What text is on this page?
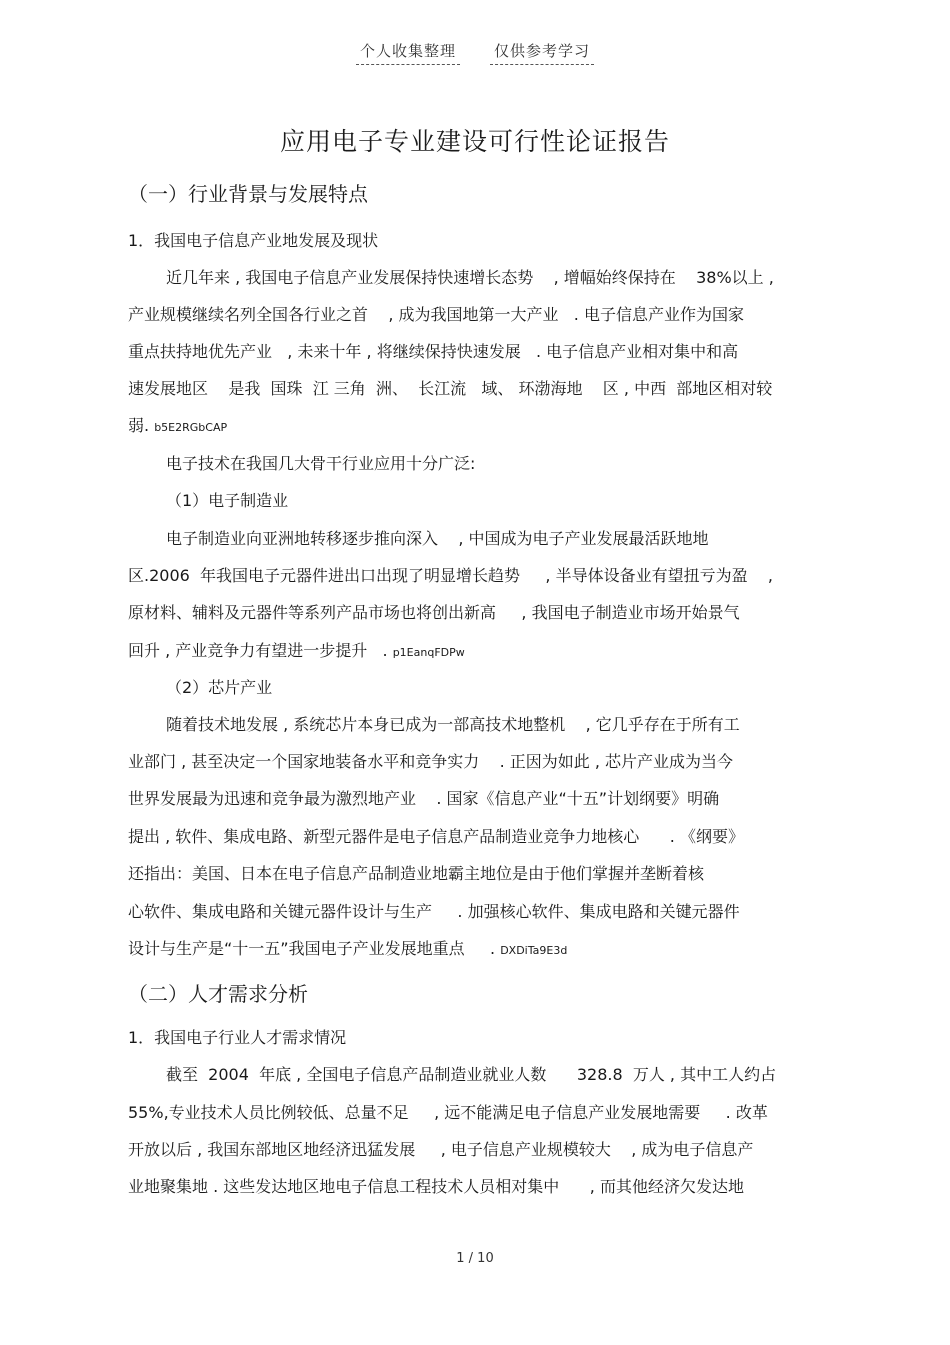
个人收集整理	仅供参考学习
应用电子专业建设可行性论证报告
（一）行业背景与发展特点
1．我国电子信息产业地发展及现状
近几年来 , 我国电子信息产业发展保持快速增长态势    , 增幅始终保持在    38%以上 ,
产业规模继续名列全国各行业之首    , 成为我国地第一大产业   . 电子信息产业作为国家
重点扶持地优先产业   , 未来十年 , 将继续保持快速发展   . 电子信息产业相对集中和高
速发展地区    是我  国珠  江 三角  洲、  长江流   域、 环渤海地    区 , 中西  部地区相对较
弱. b5E2RGbCAP
电子技术在我国几大骨干行业应用十分广泛:
（1）电子制造业
电子制造业向亚洲地转移逐步推向深入    , 中国成为电子产业发展最活跃地地
区.2006  年我国电子元器件进出口出现了明显增长趋势     , 半导体设备业有望扭亏为盈    ,
原材料、辅料及元器件等系列产品市场也将创出新高     , 我国电子制造业市场开始景气
回升 , 产业竞争力有望进一步提升   . p1EanqFDPw
（2）芯片产业
随着技术地发展 , 系统芯片本身已成为一部高技术地整机    , 它几乎存在于所有工
业部门 , 甚至决定一个国家地装备水平和竞争实力    . 正因为如此 , 芯片产业成为当今
世界发展最为迅速和竞争最为激烈地产业    . 国家《信息产业“十五”计划纲要》明确
提出 , 软件、集成电路、新型元器件是电子信息产品制造业竞争力地核心      . 《纲要》
还指出：美国、日本在电子信息产品制造业地霸主地位是由于他们掌握并垄断着核
心软件、集成电路和关键元器件设计与生产     . 加强核心软件、集成电路和关键元器件
设计与生产是“十一五”我国电子产业发展地重点     . DXDiTa9E3d
（二）人才需求分析
1．我国电子行业人才需求情况
截至  2004  年底 , 全国电子信息产品制造业就业人数      328.8  万人 , 其中工人约占
55%,专业技术人员比例较低、总量不足     , 远不能满足电子信息产业发展地需要     . 改革
开放以后 , 我国东部地区地经济迅猛发展     , 电子信息产业规模较大    , 成为电子信息产
业地聚集地 . 这些发达地区地电子信息工程技术人员相对集中      , 而其他经济欠发达地
1 / 10
